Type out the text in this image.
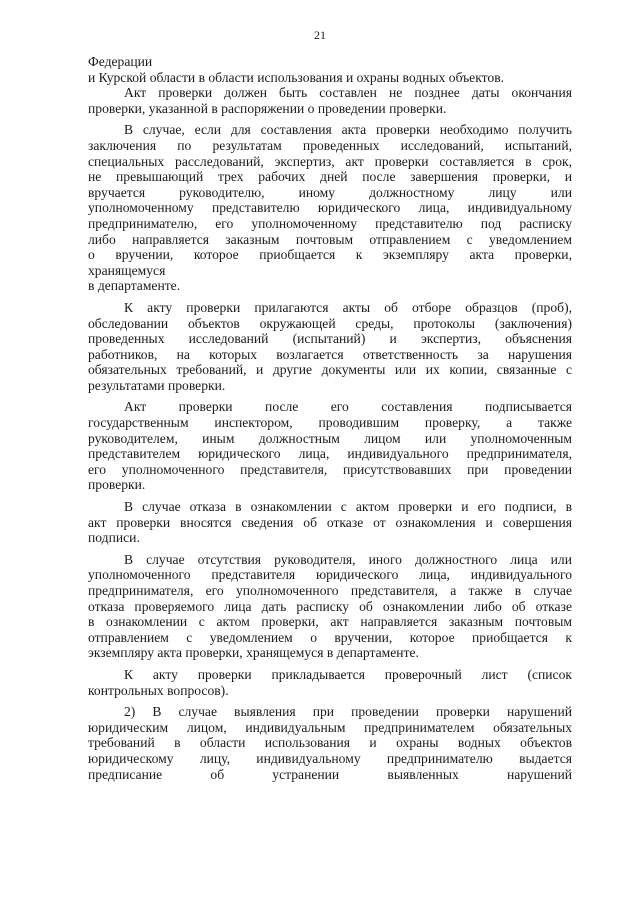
21
Федерации
и Курской области в области использования и охраны водных объектов.
Акт проверки должен быть составлен не позднее даты окончания
проверки, указанной в распоряжении о проведении проверки.
В случае, если для составления акта проверки необходимо получить
заключения по результатам проведенных исследований, испытаний,
специальных расследований, экспертиз, акт проверки составляется в срок,
не превышающий трех рабочих дней после завершения проверки, и
вручается руководителю, иному должностному лицу или
уполномоченному представителю юридического лица, индивидуальному
предпринимателю, его уполномоченному представителю под расписку
либо направляется заказным почтовым отправлением с уведомлением
о вручении, которое приобщается к экземпляру акта проверки,
хранящемуся
в департаменте.
К акту проверки прилагаются акты об отборе образцов (проб),
обследовании объектов окружающей среды, протоколы (заключения)
проведенных исследований (испытаний) и экспертиз, объяснения
работников, на которых возлагается ответственность за нарушения
обязательных требований, и другие документы или их копии, связанные с
результатами проверки.
Акт проверки после его составления подписывается
государственным инспектором, проводившим проверку, а также
руководителем, иным должностным лицом или уполномоченным
представителем юридического лица, индивидуального предпринимателя,
его уполномоченного представителя, присутствовавших при проведении
проверки.
В случае отказа в ознакомлении с актом проверки и его подписи, в
акт проверки вносятся сведения об отказе от ознакомления и совершения
подписи.
В случае отсутствия руководителя, иного должностного лица или
уполномоченного представителя юридического лица, индивидуального
предпринимателя, его уполномоченного представителя, а также в случае
отказа проверяемого лица дать расписку об ознакомлении либо об отказе
в ознакомлении с актом проверки, акт направляется заказным почтовым
отправлением с уведомлением о вручении, которое приобщается к
экземпляру акта проверки, хранящемуся в департаменте.
К акту проверки прикладывается проверочный лист (список
контрольных вопросов).
2) В случае выявления при проведении проверки нарушений
юридическим лицом, индивидуальным предпринимателем обязательных
требований в области использования и охраны водных объектов
юридическому лицу, индивидуальному предпринимателю выдается
предписание об устранении выявленных нарушений
